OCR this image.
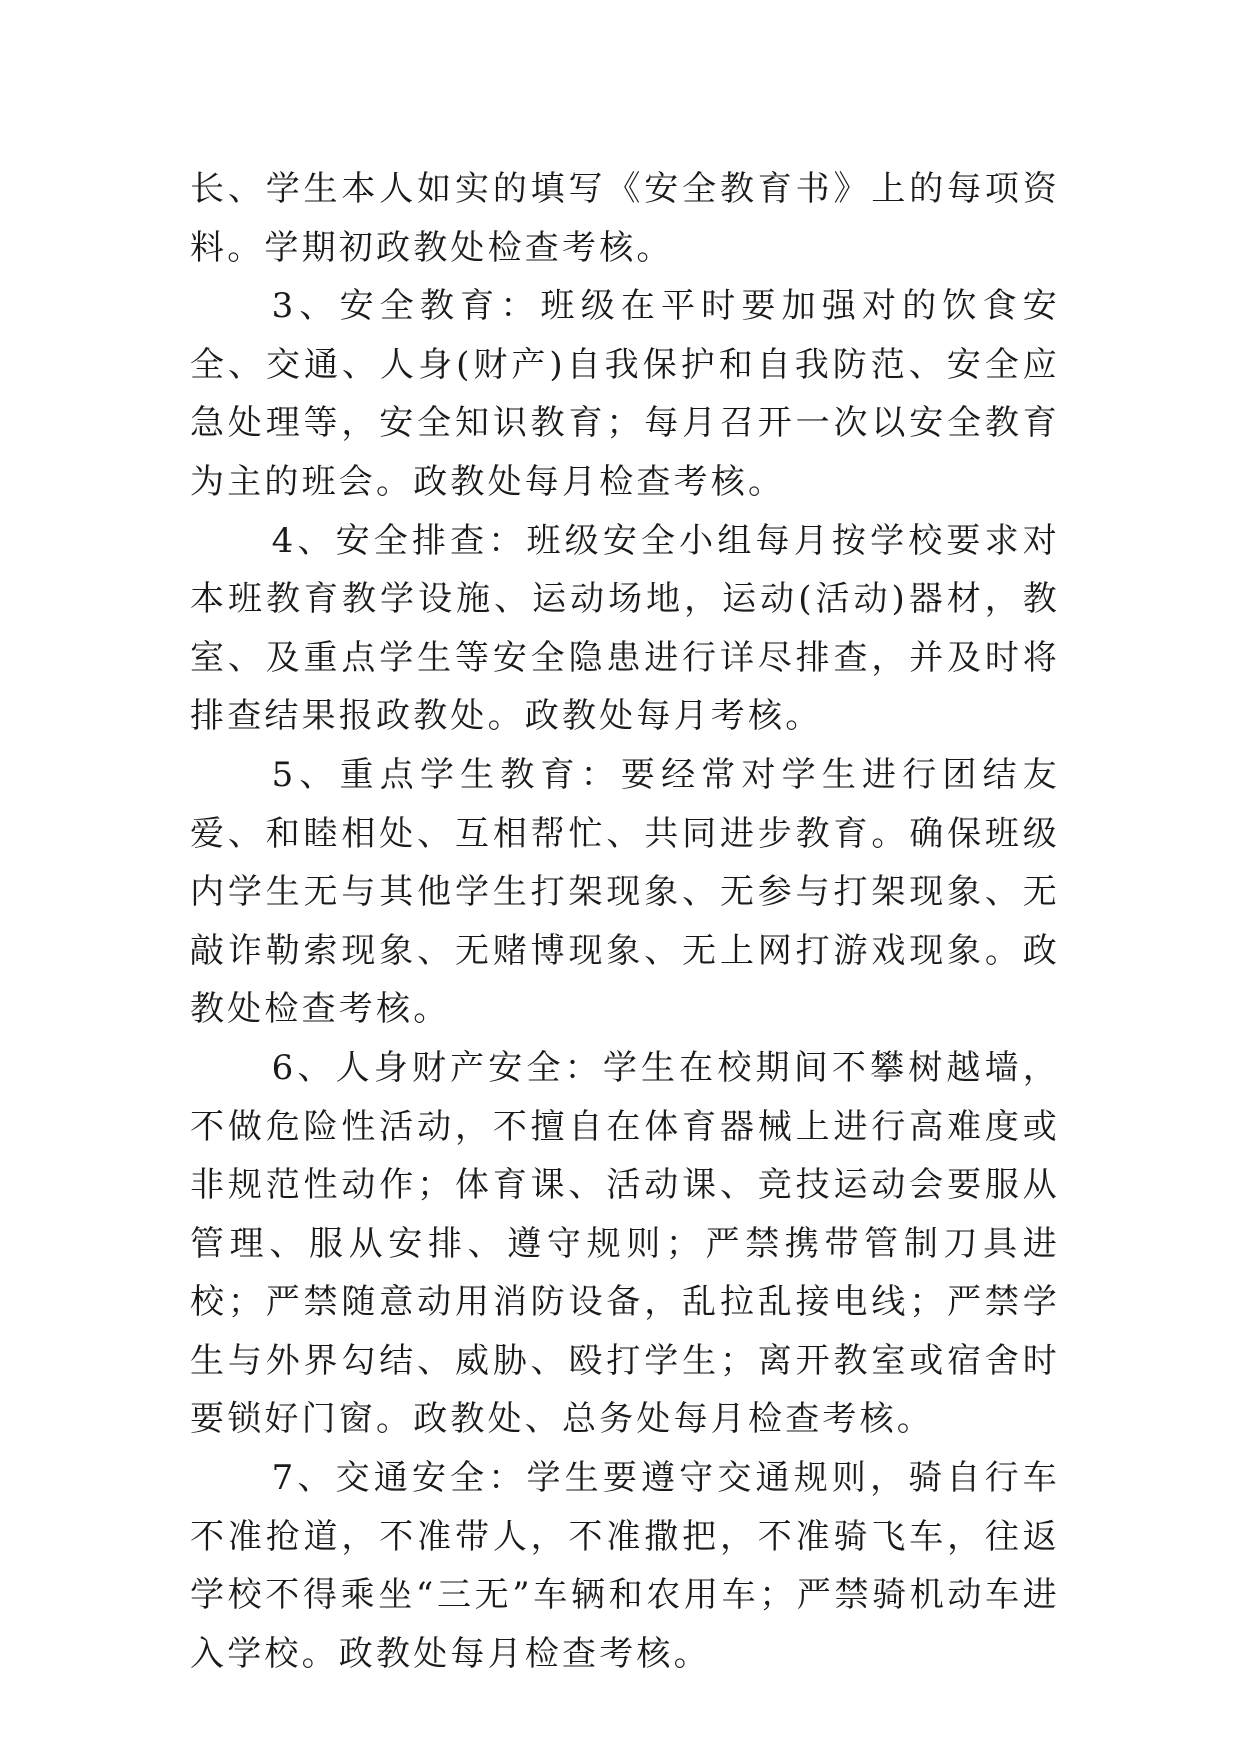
长、学生本人如实的填写《安全教育书》上的每项资料。学期初政教处检查考核。

3、安全教育：班级在平时要加强对的饮食安全、交通、人身(财产)自我保护和自我防范、安全应急处理等，安全知识教育；每月召开一次以安全教育为主的班会。政教处每月检查考核。

4、安全排查：班级安全小组每月按学校要求对本班教育教学设施、运动场地，运动(活动)器材，教室、及重点学生等安全隐患进行详尽排查，并及时将排查结果报政教处。政教处每月考核。

5、重点学生教育：要经常对学生进行团结友爱、和睦相处、互相帮忙、共同进步教育。确保班级内学生无与其他学生打架现象、无参与打架现象、无敲诈勒索现象、无赌博现象、无上网打游戏现象。政教处检查考核。

6、人身财产安全：学生在校期间不攀树越墙，不做危险性活动，不擅自在体育器械上进行高难度或非规范性动作；体育课、活动课、竞技运动会要服从管理、服从安排、遵守规则；严禁携带管制刀具进校；严禁随意动用消防设备，乱拉乱接电线；严禁学生与外界勾结、威胁、殴打学生；离开教室或宿舍时要锁好门窗。政教处、总务处每月检查考核。

7、交通安全：学生要遵守交通规则，骑自行车不准抢道，不准带人，不准撒把，不准骑飞车，往返学校不得乘坐“三无”车辆和农用车；严禁骑机动车进入学校。政教处每月检查考核。
